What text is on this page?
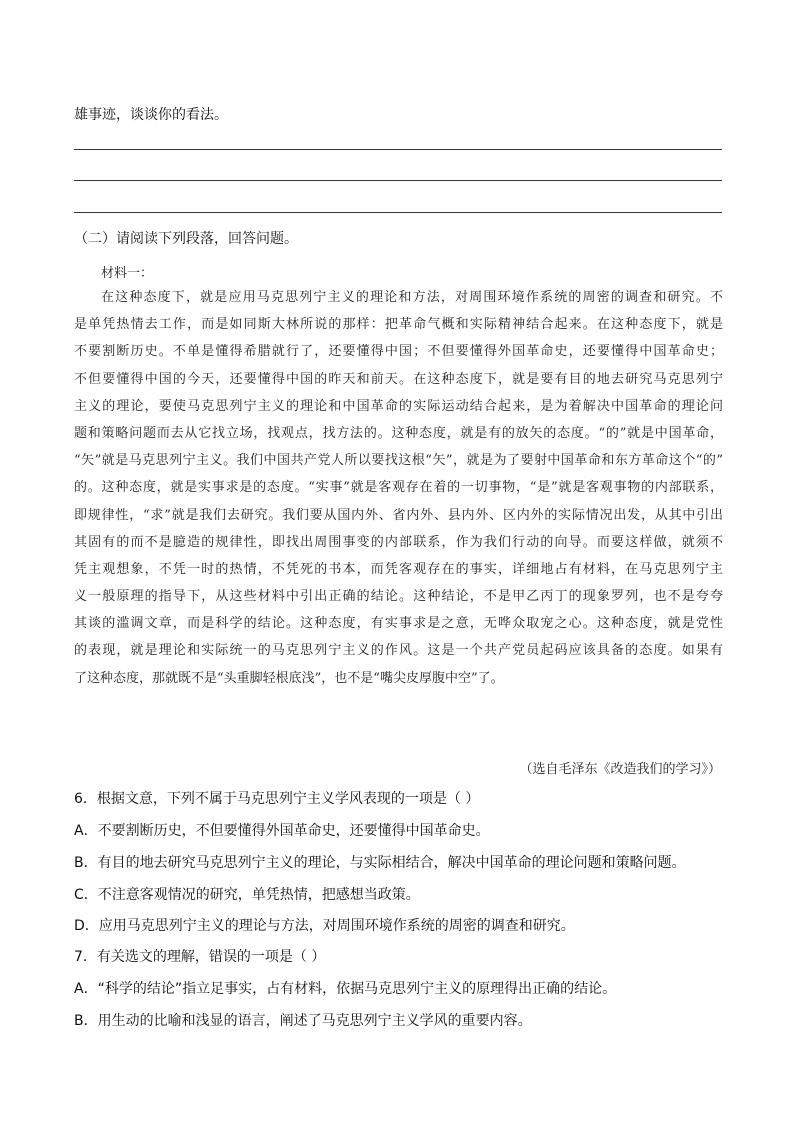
雄事迹，谈谈你的看法。
（二）请阅读下列段落，回答问题。
材料一：
在这种态度下，就是应用马克思列宁主义的理论和方法，对周围环境作系统的周密的调查和研究。不
是单凭热情去工作，而是如同斯大林所说的那样：把革命气概和实际精神结合起来。在这种态度下，就是
不要割断历史。不单是懂得希腊就行了，还要懂得中国；不但要懂得外国革命史，还要懂得中国革命史；
不但要懂得中国的今天，还要懂得中国的昨天和前天。在这种态度下，就是要有目的地去研究马克思列宁
主义的理论，要使马克思列宁主义的理论和中国革命的实际运动结合起来，是为着解决中国革命的理论问
题和策略问题而去从它找立场，找观点，找方法的。这种态度，就是有的放矢的态度。“的”就是中国革命，
“矢”就是马克思列宁主义。我们中国共产党人所以要找这根“矢”，就是为了要射中国革命和东方革命这个“的”
的。这种态度，就是实事求是的态度。“实事”就是客观存在着的一切事物，“是”就是客观事物的内部联系，
即规律性，“求”就是我们去研究。我们要从国内外、省内外、县内外、区内外的实际情况出发，从其中引出
其固有的而不是臆造的规律性，即找出周围事变的内部联系，作为我们行动的向导。而要这样做，就须不
凭主观想象，不凭一时的热情，不凭死的书本，而凭客观存在的事实，详细地占有材料，在马克思列宁主
义一般原理的指导下，从这些材料中引出正确的结论。这种结论，不是甲乙丙丁的现象罗列，也不是夸夸
其谈的滥调文章，而是科学的结论。这种态度，有实事求是之意，无哗众取宠之心。这种态度，就是党性
的表现，就是理论和实际统一的马克思列宁主义的作风。这是一个共产党员起码应该具备的态度。如果有
了这种态度，那就既不是“头重脚轻根底浅”，也不是“嘴尖皮厚腹中空”了。
（选自毛泽东《改造我们的学习》）
6．根据文意，下列不属于马克思列宁主义学风表现的一项是（ ）
A．不要割断历史，不但要懂得外国革命史，还要懂得中国革命史。
B．有目的地去研究马克思列宁主义的理论，与实际相结合，解决中国革命的理论问题和策略问题。
C．不注意客观情况的研究，单凭热情，把感想当政策。
D．应用马克思列宁主义的理论与方法，对周围环境作系统的周密的调查和研究。
7．有关选文的理解，错误的一项是（ ）
A．“科学的结论”指立足事实，占有材料，依据马克思列宁主义的原理得出正确的结论。
B．用生动的比喻和浅显的语言，阐述了马克思列宁主义学风的重要内容。
